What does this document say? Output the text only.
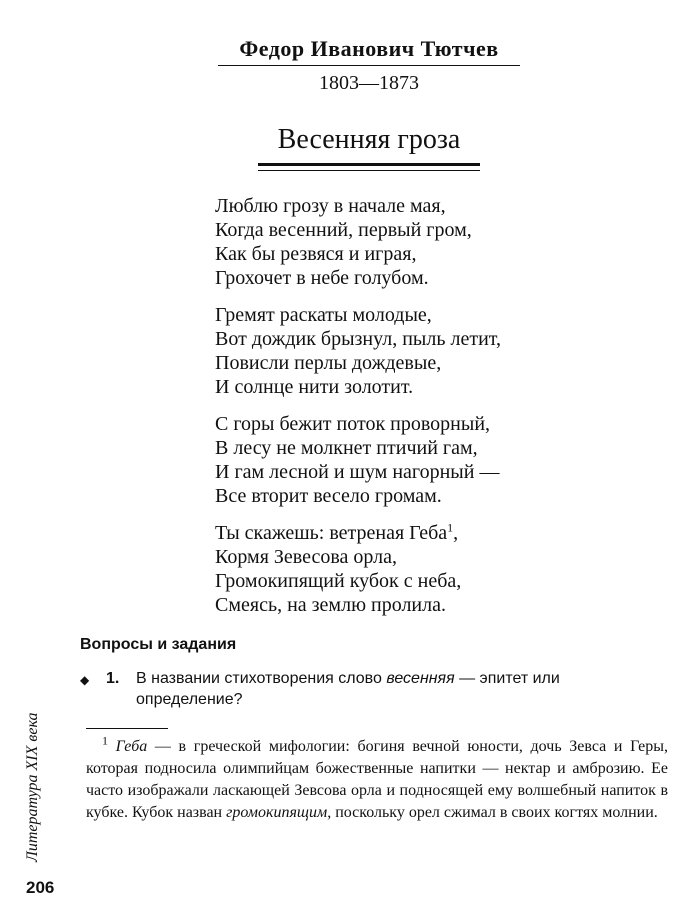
Федор Иванович Тютчев
1803—1873
Весенняя гроза
Люблю грозу в начале мая,
Когда весенний, первый гром,
Как бы резвяся и играя,
Грохочет в небе голубом.
Гремят раскаты молодые,
Вот дождик брызнул, пыль летит,
Повисли перлы дождевые,
И солнце нити золотит.
С горы бежит поток проворный,
В лесу не молкнет птичий гам,
И гам лесной и шум нагорный —
Все вторит весело громам.
Ты скажешь: ветреная Геба$^1$,
Кормя Зевесова орла,
Громокипящий кубок с неба,
Смеясь, на землю пролила.
Вопросы и задания
◆ 1. В названии стихотворения слово весенняя — эпитет или определение?
$^1$ Геба — в греческой мифологии: богиня вечной юности, дочь Зевса и Геры, которая подносила олимпийцам божественные напитки — нектар и амброзию. Ее часто изображали ласкающей Зевсова орла и подносящей ему волшебный напиток в кубке. Кубок назван громокипящим, поскольку орел сжимал в своих когтях молнии.
Литература XIX века
206
